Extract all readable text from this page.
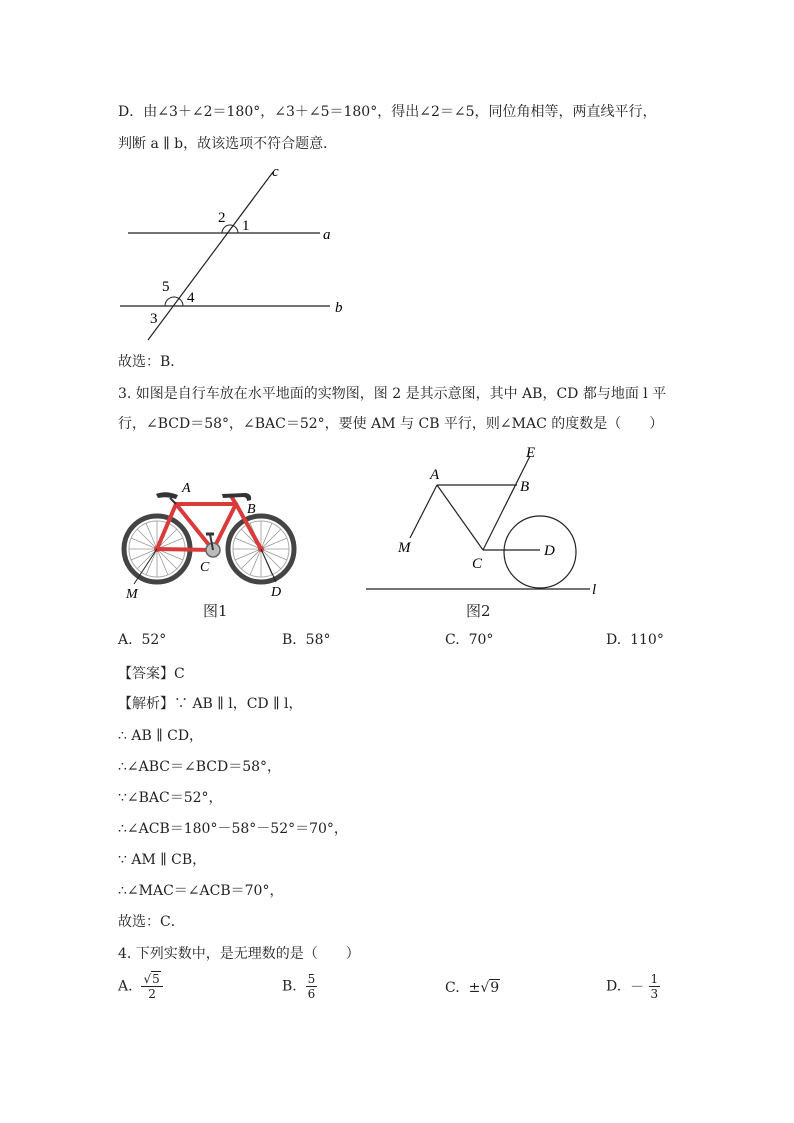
D．由∠3＋∠2＝180°，∠3＋∠5＝180°，得出∠2＝∠5，同位角相等，两直线平行，
判断 a ∥ b，故该选项不符合题意．
c
a
b
1
2
4
5
3
故选：B．
3. 如图是自行车放在水平地面的实物图，图 2 是其示意图，其中 AB，CD 都与地面 l 平
行，∠BCD＝58°，∠BAC＝52°，要使 AM 与 CB 平行，则∠MAC 的度数是（　　）
A
B
C
D
M
图1
E
A
B
M
C
D
l
图2
A. 52°	B. 58°	C. 70°	D. 110°
【答案】C
【解析】∵ AB ∥ l，CD ∥ l，
∴ AB ∥ CD，
∴∠ABC＝∠BCD＝58°，
∵∠BAC＝52°，
∴∠ACB＝180°－58°－52°＝70°，
∵ AM ∥ CB，
∴∠MAC＝∠ACB＝70°，
故选：C．
4. 下列实数中，是无理数的是（　　）
A. $\frac{√5}{2}$	B. $\frac{5}{6}$	C. ±√9	D. － $\frac{1}{3}$
